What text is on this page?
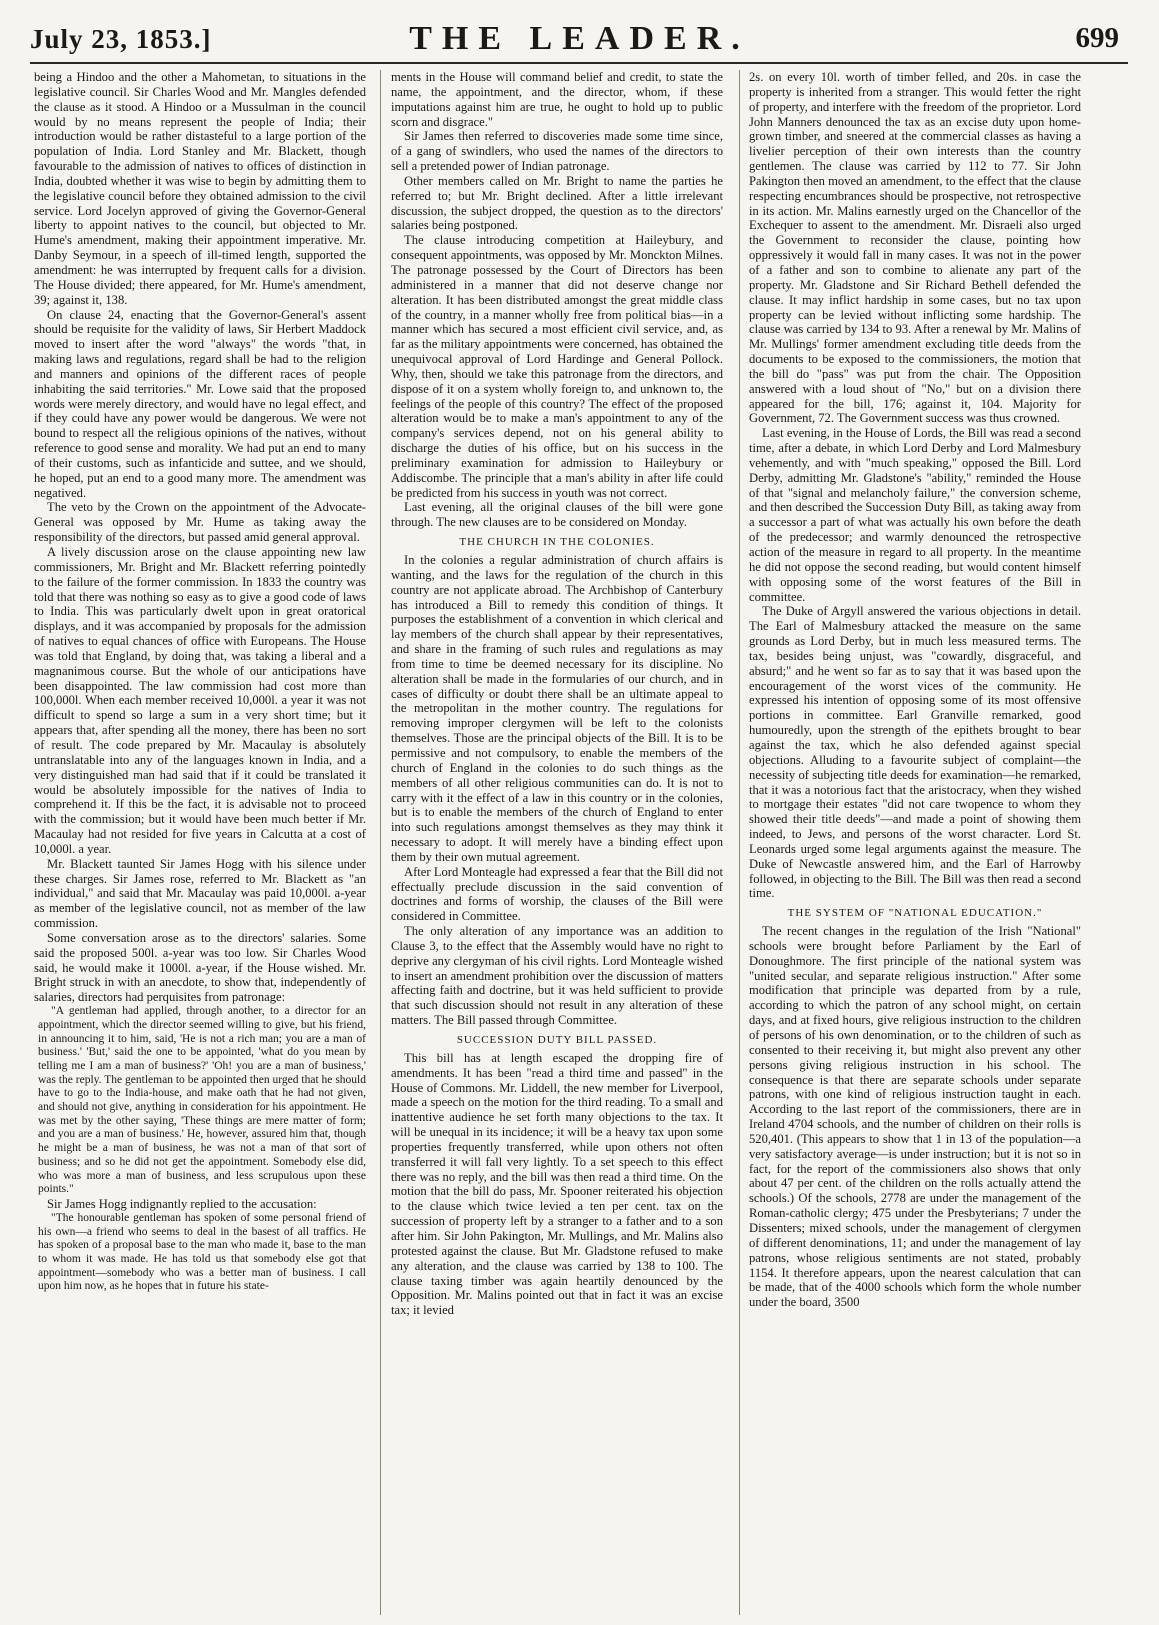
July 23, 1853.]	THE LEADER.	699

being a Hindoo and the other a Mahometan, to situations in the legislative council. Sir Charles Wood and Mr. Mangles defended the clause as it stood. A Hindoo or a Mussulman in the council would by no means represent the people of India; their introduction would be rather distasteful to a large portion of the population of India. Lord Stanley and Mr. Blackett, though favourable to the admission of natives to offices of distinction in India, doubted whether it was wise to begin by admitting them to the legislative council before they obtained admission to the civil service. Lord Jocelyn approved of giving the Governor-General liberty to appoint natives to the council, but objected to Mr. Hume's amendment, making their appointment imperative. Mr. Danby Seymour, in a speech of ill-timed length, supported the amendment: he was interrupted by frequent calls for a division. The House divided; there appeared, for Mr. Hume's amendment, 39; against it, 138.

On clause 24, enacting that the Governor-General's assent should be requisite for the validity of laws, Sir Herbert Maddock moved to insert after the word "always" the words "that, in making laws and regulations, regard shall be had to the religion and manners and opinions of the different races of people inhabiting the said territories." Mr. Lowe said that the proposed words were merely directory, and would have no legal effect, and if they could have any power would be dangerous. We were not bound to respect all the religious opinions of the natives, without reference to good sense and morality. We had put an end to many of their customs, such as infanticide and suttee, and we should, he hoped, put an end to a good many more. The amendment was negatived.

The veto by the Crown on the appointment of the Advocate-General was opposed by Mr. Hume as taking away the responsibility of the directors, but passed amid general approval.

A lively discussion arose on the clause appointing new law commissioners, Mr. Bright and Mr. Blackett referring pointedly to the failure of the former commission. In 1833 the country was told that there was nothing so easy as to give a good code of laws to India. This was particularly dwelt upon in great oratorical displays, and it was accompanied by proposals for the admission of natives to equal chances of office with Europeans. The House was told that England, by doing that, was taking a liberal and a magnanimous course. But the whole of our anticipations have been disappointed. The law commission had cost more than 100,000l. When each member received 10,000l. a year it was not difficult to spend so large a sum in a very short time; but it appears that, after spending all the money, there has been no sort of result. The code prepared by Mr. Macaulay is absolutely untranslatable into any of the languages known in India, and a very distinguished man had said that if it could be translated it would be absolutely impossible for the natives of India to comprehend it. If this be the fact, it is advisable not to proceed with the commission; but it would have been much better if Mr. Macaulay had not resided for five years in Calcutta at a cost of 10,000l. a year.

Mr. Blackett taunted Sir James Hogg with his silence under these charges. Sir James rose, referred to Mr. Blackett as "an individual," and said that Mr. Macaulay was paid 10,000l. a-year as member of the legislative council, not as member of the law commission.

Some conversation arose as to the directors' salaries. Some said the proposed 500l. a-year was too low. Sir Charles Wood said, he would make it 1000l. a-year, if the House wished. Mr. Bright struck in with an anecdote, to show that, independently of salaries, directors had perquisites from patronage:

"A gentleman had applied, through another, to a director for an appointment, which the director seemed willing to give, but his friend, in announcing it to him, said, 'He is not a rich man; you are a man of business.' 'But,' said the one to be appointed, 'what do you mean by telling me I am a man of business?' 'Oh! you are a man of business,' was the reply. The gentleman to be appointed then urged that he should have to go to the India-house, and make oath that he had not given, and should not give, anything in consideration for his appointment. He was met by the other saying, 'These things are mere matter of form; and you are a man of business.' He, however, assured him that, though he might be a man of business, he was not a man of that sort of business; and so he did not get the appointment. Somebody else did, who was more a man of business, and less scrupulous upon these points."

Sir James Hogg indignantly replied to the accusation:

"The honourable gentleman has spoken of some personal friend of his own—a friend who seems to deal in the basest of all traffics. He has spoken of a proposal base to the man who made it, base to the man to whom it was made. He has told us that somebody else got that appointment—somebody who was a better man of business. I call upon him now, as he hopes that in future his state-

ments in the House will command belief and credit, to state the name, the appointment, and the director, whom, if these imputations against him are true, he ought to hold up to public scorn and disgrace."

Sir James then referred to discoveries made some time since, of a gang of swindlers, who used the names of the directors to sell a pretended power of Indian patronage.

Other members called on Mr. Bright to name the parties he referred to; but Mr. Bright declined. After a little irrelevant discussion, the subject dropped, the question as to the directors' salaries being postponed.

The clause introducing competition at Haileybury, and consequent appointments, was opposed by Mr. Monckton Milnes. The patronage possessed by the Court of Directors has been administered in a manner that did not deserve change nor alteration. It has been distributed amongst the great middle class of the country, in a manner wholly free from political bias—in a manner which has secured a most efficient civil service, and, as far as the military appointments were concerned, has obtained the unequivocal approval of Lord Hardinge and General Pollock. Why, then, should we take this patronage from the directors, and dispose of it on a system wholly foreign to, and unknown to, the feelings of the people of this country? The effect of the proposed alteration would be to make a man's appointment to any of the company's services depend, not on his general ability to discharge the duties of his office, but on his success in the preliminary examination for admission to Haileybury or Addiscombe. The principle that a man's ability in after life could be predicted from his success in youth was not correct.

Last evening, all the original clauses of the bill were gone through. The new clauses are to be considered on Monday.

THE CHURCH IN THE COLONIES.

In the colonies a regular administration of church affairs is wanting, and the laws for the regulation of the church in this country are not applicate abroad. The Archbishop of Canterbury has introduced a Bill to remedy this condition of things. It purposes the establishment of a convention in which clerical and lay members of the church shall appear by their representatives, and share in the framing of such rules and regulations as may from time to time be deemed necessary for its discipline. No alteration shall be made in the formularies of our church, and in cases of difficulty or doubt there shall be an ultimate appeal to the metropolitan in the mother country. The regulations for removing improper clergymen will be left to the colonists themselves. Those are the principal objects of the Bill. It is to be permissive and not compulsory, to enable the members of the church of England in the colonies to do such things as the members of all other religious communities can do. It is not to carry with it the effect of a law in this country or in the colonies, but is to enable the members of the church of England to enter into such regulations amongst themselves as they may think it necessary to adopt. It will merely have a binding effect upon them by their own mutual agreement.

After Lord Monteagle had expressed a fear that the Bill did not effectually preclude discussion in the said convention of doctrines and forms of worship, the clauses of the Bill were considered in Committee.

The only alteration of any importance was an addition to Clause 3, to the effect that the Assembly would have no right to deprive any clergyman of his civil rights. Lord Monteagle wished to insert an amendment prohibition over the discussion of matters affecting faith and doctrine, but it was held sufficient to provide that such discussion should not result in any alteration of these matters. The Bill passed through Committee.

SUCCESSION DUTY BILL PASSED.

This bill has at length escaped the dropping fire of amendments. It has been "read a third time and passed" in the House of Commons. Mr. Liddell, the new member for Liverpool, made a speech on the motion for the third reading. To a small and inattentive audience he set forth many objections to the tax. It will be unequal in its incidence; it will be a heavy tax upon some properties frequently transferred, while upon others not often transferred it will fall very lightly. To a set speech to this effect there was no reply, and the bill was then read a third time. On the motion that the bill do pass, Mr. Spooner reiterated his objection to the clause which twice levied a ten per cent. tax on the succession of property left by a stranger to a father and to a son after him. Sir John Pakington, Mr. Mullings, and Mr. Malins also protested against the clause. But Mr. Gladstone refused to make any alteration, and the clause was carried by 138 to 100. The clause taxing timber was again heartily denounced by the Opposition. Mr. Malins pointed out that in fact it was an excise tax; it levied

2s. on every 10l. worth of timber felled, and 20s. in case the property is inherited from a stranger. This would fetter the right of property, and interfere with the freedom of the proprietor. Lord John Manners denounced the tax as an excise duty upon home-grown timber, and sneered at the commercial classes as having a livelier perception of their own interests than the country gentlemen. The clause was carried by 112 to 77. Sir John Pakington then moved an amendment, to the effect that the clause respecting encumbrances should be prospective, not retrospective in its action. Mr. Malins earnestly urged on the Chancellor of the Exchequer to assent to the amendment. Mr. Disraeli also urged the Government to reconsider the clause, pointing how oppressively it would fall in many cases. It was not in the power of a father and son to combine to alienate any part of the property. Mr. Gladstone and Sir Richard Bethell defended the clause. It may inflict hardship in some cases, but no tax upon property can be levied without inflicting some hardship. The clause was carried by 134 to 93. After a renewal by Mr. Malins of Mr. Mullings' former amendment excluding title deeds from the documents to be exposed to the commissioners, the motion that the bill do "pass" was put from the chair. The Opposition answered with a loud shout of "No," but on a division there appeared for the bill, 176; against it, 104. Majority for Government, 72. The Government success was thus crowned.

Last evening, in the House of Lords, the Bill was read a second time, after a debate, in which Lord Derby and Lord Malmesbury vehemently, and with "much speaking," opposed the Bill. Lord Derby, admitting Mr. Gladstone's "ability," reminded the House of that "signal and melancholy failure," the conversion scheme, and then described the Succession Duty Bill, as taking away from a successor a part of what was actually his own before the death of the predecessor; and warmly denounced the retrospective action of the measure in regard to all property. In the meantime he did not oppose the second reading, but would content himself with opposing some of the worst features of the Bill in committee.

The Duke of Argyll answered the various objections in detail. The Earl of Malmesbury attacked the measure on the same grounds as Lord Derby, but in much less measured terms. The tax, besides being unjust, was "cowardly, disgraceful, and absurd;" and he went so far as to say that it was based upon the encouragement of the worst vices of the community. He expressed his intention of opposing some of its most offensive portions in committee. Earl Granville remarked, good humouredly, upon the strength of the epithets brought to bear against the tax, which he also defended against special objections. Alluding to a favourite subject of complaint—the necessity of subjecting title deeds for examination—he remarked, that it was a notorious fact that the aristocracy, when they wished to mortgage their estates "did not care twopence to whom they showed their title deeds"—and made a point of showing them indeed, to Jews, and persons of the worst character. Lord St. Leonards urged some legal arguments against the measure. The Duke of Newcastle answered him, and the Earl of Harrowby followed, in objecting to the Bill. The Bill was then read a second time.

THE SYSTEM OF "NATIONAL EDUCATION."

The recent changes in the regulation of the Irish "National" schools were brought before Parliament by the Earl of Donoughmore. The first principle of the national system was "united secular, and separate religious instruction." After some modification that principle was departed from by a rule, according to which the patron of any school might, on certain days, and at fixed hours, give religious instruction to the children of persons of his own denomination, or to the children of such as consented to their receiving it, but might also prevent any other persons giving religious instruction in his school. The consequence is that there are separate schools under separate patrons, with one kind of religious instruction taught in each. According to the last report of the commissioners, there are in Ireland 4704 schools, and the number of children on their rolls is 520,401. (This appears to show that 1 in 13 of the population—a very satisfactory average—is under instruction; but it is not so in fact, for the report of the commissioners also shows that only about 47 per cent. of the children on the rolls actually attend the schools.) Of the schools, 2778 are under the management of the Roman-catholic clergy; 475 under the Presbyterians; 7 under the Dissenters; mixed schools, under the management of clergymen of different denominations, 11; and under the management of lay patrons, whose religious sentiments are not stated, probably 1154. It therefore appears, upon the nearest calculation that can be made, that of the 4000 schools which form the whole number under the board, 3500
